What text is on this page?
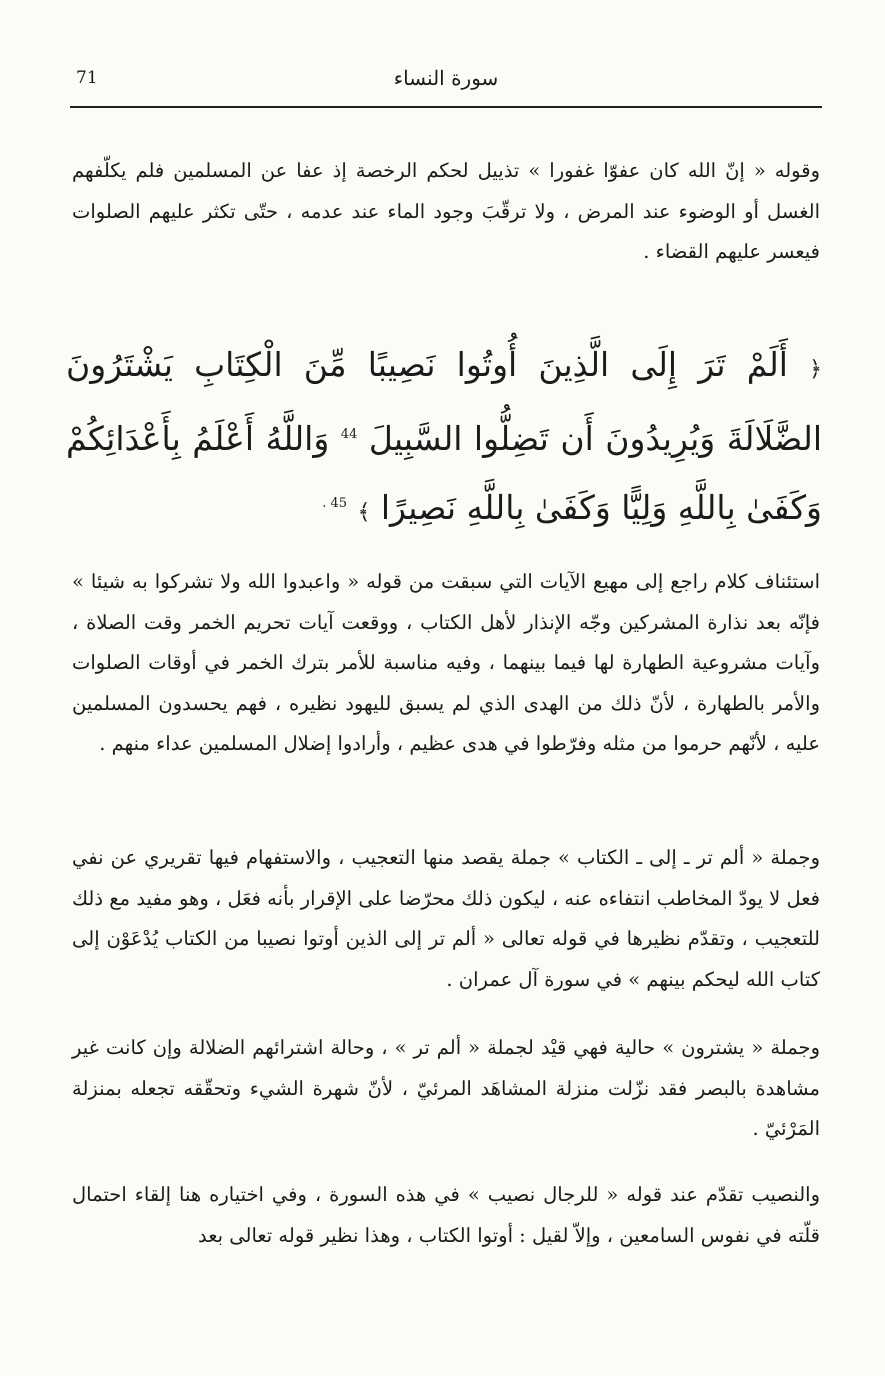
71	سورة النساء

وقوله « إنّ الله كان عفوّا غفورا » تذييل لحكم الرخصة إذ عفا عن المسلمين فلم يكلّفهم الغسل أو الوضوء عند المرض ، ولا ترقّبَ وجود الماء عند عدمه ، حتّى تكثر عليهم الصلوات فيعسر عليهم القضاء .

﴿ أَلَمْ تَرَ إِلَى الَّذِينَ أُوتُوا نَصِيبًا مِّنَ الْكِتَابِ يَشْتَرُونَ الضَّلَالَةَ وَيُرِيدُونَ أَن تَضِلُّوا السَّبِيلَ $^{44}$ وَاللَّهُ أَعْلَمُ بِأَعْدَائِكُمْ وَكَفَىٰ بِاللَّهِ وَلِيًّا وَكَفَىٰ بِاللَّهِ نَصِيرًا ﴾ $^{45 .}$

استئناف كلام راجع إلى مهيع الآيات التي سبقت من قوله « واعبدوا الله ولا تشركوا به شيئا » فإنّه بعد نذارة المشركين وجّه الإنذار لأهل الكتاب ، ووقعت آيات تحريم الخمر وقت الصلاة ، وآيات مشروعية الطهارة لها فيما بينهما ، وفيه مناسبة للأمر بترك الخمر في أوقات الصلوات والأمر بالطهارة ، لأنّ ذلك من الهدى الذي لم يسبق لليهود نظيره ، فهم يحسدون المسلمين عليه ، لأنّهم حرموا من مثله وفرّطوا في هدى عظيم ، وأرادوا إضلال المسلمين عداء منهم .

وجملة « ألم تر ـ إلى ـ الكتاب » جملة يقصد منها التعجيب ، والاستفهام فيها تقريري عن نفي فعل لا يودّ المخاطب انتفاءه عنه ، ليكون ذلك محرّضا على الإقرار بأنه فعَل ، وهو مفيد مع ذلك للتعجيب ، وتقدّم نظيرها في قوله تعالى « ألم تر إلى الذين أوتوا نصيبا من الكتاب يُدْعَوْن إلى كتاب الله ليحكم بينهم » في سورة آل عمران .

وجملة « يشترون » حالية فهي قيْد لجملة « ألم تر » ، وحالة اشترائهم الضلالة وإن كانت غير مشاهدة بالبصر فقد نزّلت منزلة المشاهَد المرئيّ ، لأنّ شهرة الشيء وتحقّقه تجعله بمنزلة المَرْئيّ .

والنصيب تقدّم عند قوله « للرجال نصيب » في هذه السورة ، وفي اختياره هنا إلقاء احتمال قلّته في نفوس السامعين ، وإلاّ لقيل : أوتوا الكتاب ، وهذا نظير قوله تعالى بعد
